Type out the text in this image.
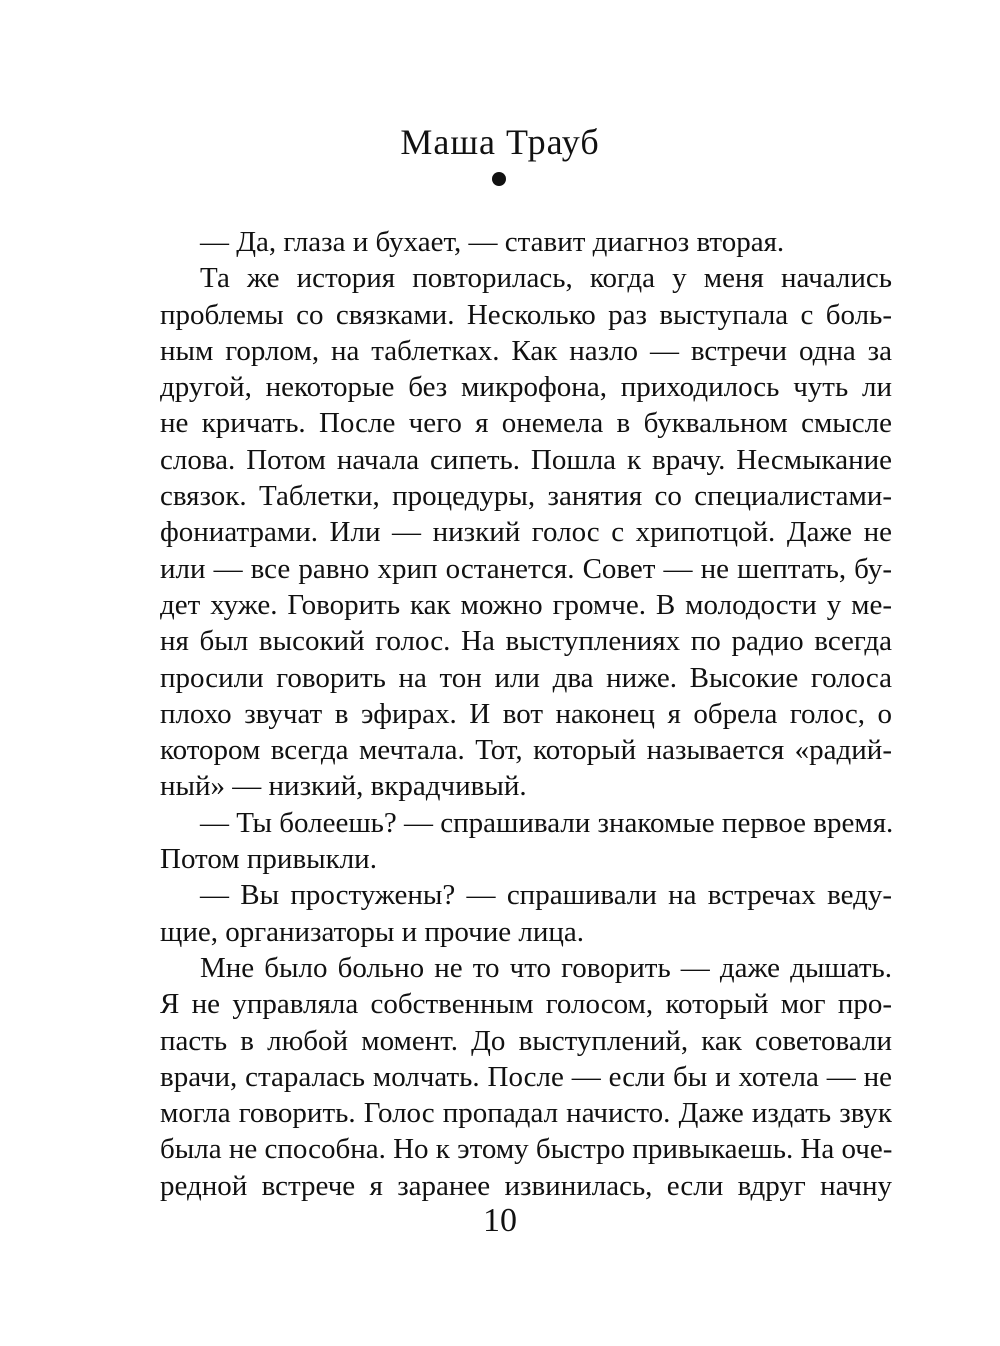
Маша Трауб
— Да, глаза и бухает, — ставит диагноз вторая.
Та же история повторилась, когда у меня начались
проблемы со связками. Несколько раз выступала с боль-
ным горлом, на таблетках. Как назло — встречи одна за
другой, некоторые без микрофона, приходилось чуть ли
не кричать. После чего я онемела в буквальном смысле
слова. Потом начала сипеть. Пошла к врачу. Несмыкание
связок. Таблетки, процедуры, занятия со специалистами-
фониатрами. Или — низкий голос с хрипотцой. Даже не
или — все равно хрип останется. Совет — не шептать, бу-
дет хуже. Говорить как можно громче. В молодости у ме-
ня был высокий голос. На выступлениях по радио всегда
просили говорить на тон или два ниже. Высокие голоса
плохо звучат в эфирах. И вот наконец я обрела голос, о
котором всегда мечтала. Тот, который называется «радий-
ный» — низкий, вкрадчивый.
— Ты болеешь? — спрашивали знакомые первое время.
Потом привыкли.
— Вы простужены? — спрашивали на встречах веду-
щие, организаторы и прочие лица.
Мне было больно не то что говорить — даже дышать.
Я не управляла собственным голосом, который мог про-
пасть в любой момент. До выступлений, как советовали
врачи, старалась молчать. После — если бы и хотела — не
могла говорить. Голос пропадал начисто. Даже издать звук
была не способна. Но к этому быстро привыкаешь. На оче-
редной встрече я заранее извинилась, если вдруг начну
10
